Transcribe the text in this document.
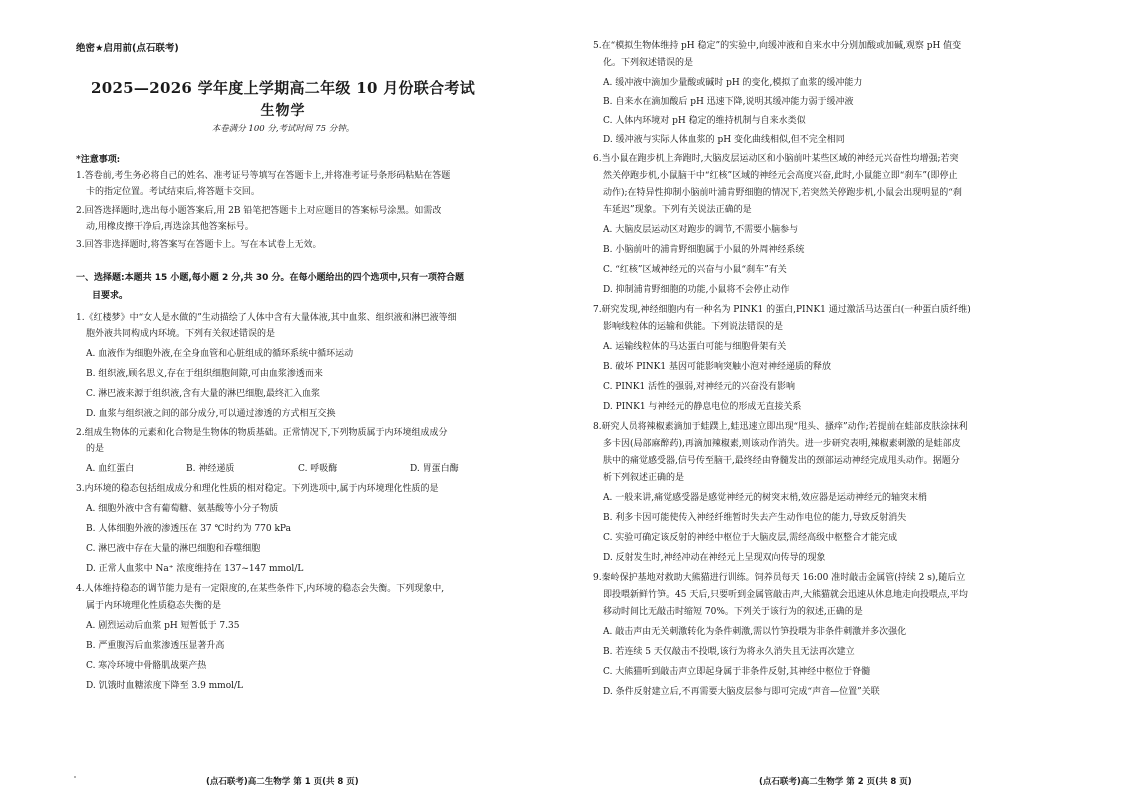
绝密★启用前(点石联考)
2025—2026 学年度上学期高二年级 10 月份联合考试
生物学
本卷满分 100 分,考试时间 75 分钟。
*注意事项:
1.答卷前,考生务必将自己的姓名、准考证号等填写在答题卡上,并将准考证号条形码粘贴在答题
卡的指定位置。考试结束后,将答题卡交回。
2.回答选择题时,选出每小题答案后,用 2B 铅笔把答题卡上对应题目的答案标号涂黑。如需改
动,用橡皮擦干净后,再选涂其他答案标号。
3.回答非选择题时,将答案写在答题卡上。写在本试卷上无效。
一、选择题:本题共 15 小题,每小题 2 分,共 30 分。在每小题给出的四个选项中,只有一项符合题
目要求。
1.《红楼梦》中“女人是水做的”生动描绘了人体中含有大量体液,其中血浆、组织液和淋巴液等细
胞外液共同构成内环境。下列有关叙述错误的是
A. 血液作为细胞外液,在全身血管和心脏组成的循环系统中循环运动
B. 组织液,顾名思义,存在于组织细胞间隙,可由血浆渗透而来
C. 淋巴液来源于组织液,含有大量的淋巴细胞,最终汇入血浆
D. 血浆与组织液之间的部分成分,可以通过渗透的方式相互交换
2.组成生物体的元素和化合物是生物体的物质基础。正常情况下,下列物质属于内环境组成成分
的是
A. 血红蛋白	B. 神经递质	C. 呼吸酶	D. 胃蛋白酶
3.内环境的稳态包括组成成分和理化性质的相对稳定。下列选项中,属于内环境理化性质的是
A. 细胞外液中含有葡萄糖、氨基酸等小分子物质
B. 人体细胞外液的渗透压在 37 ℃时约为 770 kPa
C. 淋巴液中存在大量的淋巴细胞和吞噬细胞
D. 正常人血浆中 Na⁺ 浓度维持在 137~147 mmol/L
4.人体维持稳态的调节能力是有一定限度的,在某些条件下,内环境的稳态会失衡。下列现象中,
属于内环境理化性质稳态失衡的是
A. 剧烈运动后血浆 pH 短暂低于 7.35
B. 严重腹泻后血浆渗透压显著升高
C. 寒冷环境中骨骼肌战栗产热
D. 饥饿时血糖浓度下降至 3.9 mmol/L
(点石联考)高二生物学 第 1 页(共 8 页)
5.在“模拟生物体维持 pH 稳定”的实验中,向缓冲液和自来水中分别加酸或加碱,观察 pH 值变
化。下列叙述错误的是
A. 缓冲液中滴加少量酸或碱时 pH 的变化,模拟了血浆的缓冲能力
B. 自来水在滴加酸后 pH 迅速下降,说明其缓冲能力弱于缓冲液
C. 人体内环境对 pH 稳定的维持机制与自来水类似
D. 缓冲液与实际人体血浆的 pH 变化曲线相似,但不完全相同
6.当小鼠在跑步机上奔跑时,大脑皮层运动区和小脑前叶某些区域的神经元兴奋性均增强;若突
然关停跑步机,小鼠脑干中“红核”区域的神经元会高度兴奋,此时,小鼠能立即“刹车”(即停止
动作);在特异性抑制小脑前叶浦肯野细胞的情况下,若突然关停跑步机,小鼠会出现明显的“刹
车延迟”现象。下列有关说法正确的是
A. 大脑皮层运动区对跑步的调节,不需要小脑参与
B. 小脑前叶的浦肯野细胞属于小鼠的外周神经系统
C. “红核”区域神经元的兴奋与小鼠“刹车”有关
D. 抑制浦肯野细胞的功能,小鼠将不会停止动作
7.研究发现,神经细胞内有一种名为 PINK1 的蛋白,PINK1 通过激活马达蛋白(一种蛋白质纤维)
影响线粒体的运输和供能。下列说法错误的是
A. 运输线粒体的马达蛋白可能与细胞骨架有关
B. 破坏 PINK1 基因可能影响突触小泡对神经递质的释放
C. PINK1 活性的强弱,对神经元的兴奋没有影响
D. PINK1 与神经元的静息电位的形成无直接关系
8.研究人员将辣椒素滴加于蛙蹼上,蛙迅速立即出现“甩头、搔痒”动作;若提前在蛙部皮肤涂抹利
多卡因(局部麻醉药),再滴加辣椒素,则该动作消失。进一步研究表明,辣椒素刺激的是蛙部皮
肤中的痛觉感受器,信号传至脑干,最终经由脊髓发出的颈部运动神经完成甩头动作。据题分
析下列叙述正确的是
A. 一般来讲,痛觉感受器是感觉神经元的树突末梢,效应器是运动神经元的轴突末梢
B. 利多卡因可能使传入神经纤维暂时失去产生动作电位的能力,导致反射消失
C. 实验可确定该反射的神经中枢位于大脑皮层,需经高级中枢整合才能完成
D. 反射发生时,神经冲动在神经元上呈现双向传导的现象
9.秦岭保护基地对救助大熊猫进行训练。饲养员每天 16:00 准时敲击金属管(持续 2 s),随后立
即投喂新鲜竹笋。45 天后,只要听到金属管敲击声,大熊猫就会迅速从休息地走向投喂点,平均
移动时间比无敲击时缩短 70%。下列关于该行为的叙述,正确的是
A. 敲击声由无关刺激转化为条件刺激,需以竹笋投喂为非条件刺激并多次强化
B. 若连续 5 天仅敲击不投喂,该行为将永久消失且无法再次建立
C. 大熊猫听到敲击声立即起身属于非条件反射,其神经中枢位于脊髓
D. 条件反射建立后,不再需要大脑皮层参与即可完成“声音—位置”关联
(点石联考)高二生物学 第 2 页(共 8 页)
